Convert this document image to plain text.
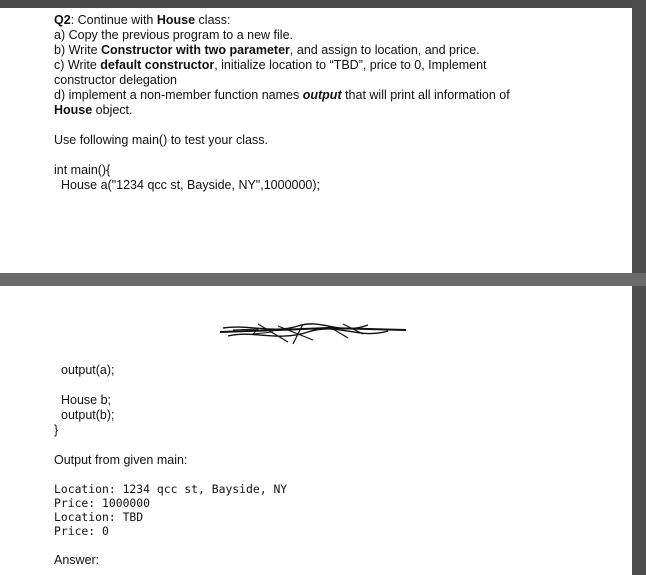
Q2: Continue with House class:
a) Copy the previous program to a new file.
b) Write Constructor with two parameter, and assign to location, and price.
c) Write default constructor, initialize location to “TBD”, price to 0, Implement
constructor delegation
d) implement a non-member function names output that will print all information of
House object.
Use following main() to test your class.
int main(){
House a("1234 qcc st, Bayside, NY",1000000);
output(a);
House b;
output(b);
}
Output from given main:
Location: 1234 qcc st, Bayside, NY
Price: 1000000
Location: TBD
Price: 0
Answer:
